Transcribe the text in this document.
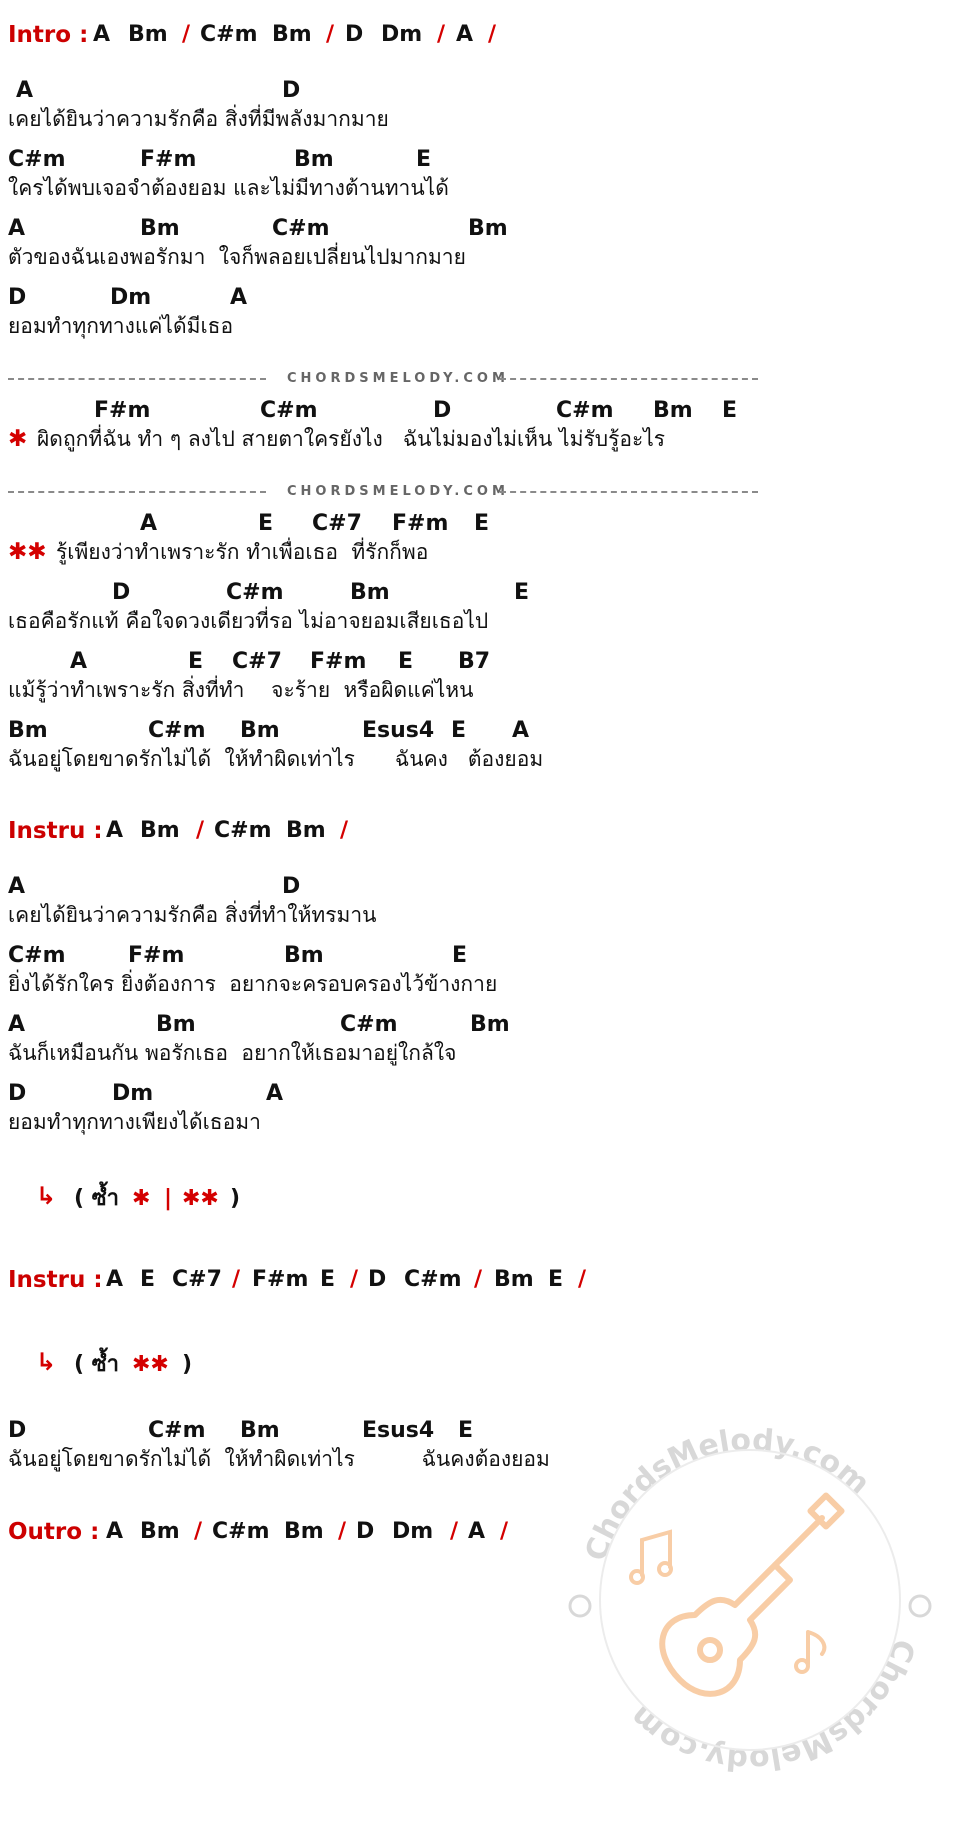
Intro : A Bm / C#m Bm / D Dm / A /
A	D
เคยได้ยินว่าความรักคือ สิ่งที่มีพลังมากมาย
C#m	F#m	Bm	E
ใครได้พบเจอจำต้องยอม และไม่มีทางต้านทานได้
A	Bm	C#m	Bm
ตัวของฉันเองพอรักมา  ใจก็พลอยเปลี่ยนไปมากมาย
D	Dm	A
ยอมทำทุกทางแค่ได้มีเธอ
CHORDSMELODY.COM
F#m	C#m	D	C#m Bm E
✱ ผิดถูกที่ฉัน ทำ ๆ ลงไป สายตาใครยังไง   ฉันไม่มองไม่เห็น ไม่รับรู้อะไร
CHORDSMELODY.COM
A	E C#7 F#m E
✱✱ รู้เพียงว่าทำเพราะรัก ทำเพื่อเธอ  ที่รักก็พอ
D	C#m	Bm	E
เธอคือรักแท้ คือใจดวงเดียวที่รอ ไม่อาจยอมเสียเธอไป
A	E C#7 F#m E B7
แม้รู้ว่าทำเพราะรัก สิ่งที่ทำ    จะร้าย  หรือผิดแค่ไหน
Bm	C#m Bm	Esus4 E A
ฉันอยู่โดยขาดรักไม่ได้  ให้ทำผิดเท่าไร      ฉันคง   ต้องยอม
Instru : A Bm / C#m Bm /
A	D
เคยได้ยินว่าความรักคือ สิ่งที่ทำให้ทรมาน
C#m	F#m	Bm	E
ยิ่งได้รักใคร ยิ่งต้องการ  อยากจะครอบครองไว้ข้างกาย
A	Bm	C#m	Bm
ฉันก็เหมือนกัน พอรักเธอ  อยากให้เธอมาอยู่ใกล้ใจ
D	Dm	A
ยอมทำทุกทางเพียงได้เธอมา
↳ ( ซ้ำ ✱ | ✱✱ )
Instru : A E C#7 / F#m E / D C#m / Bm E /
↳ ( ซ้ำ ✱✱ )
D	C#m Bm	Esus4 E
ฉันอยู่โดยขาดรักไม่ได้  ให้ทำผิดเท่าไร          ฉันคงต้องยอม
Outro : A Bm / C#m Bm / D Dm / A /
ChordsMelody.com
ChordsMelody.com
